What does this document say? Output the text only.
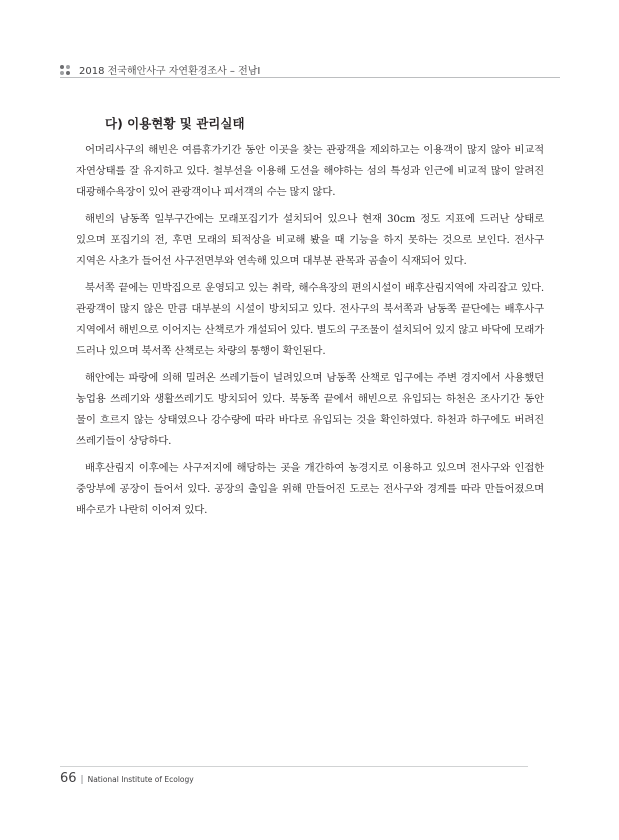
2018 전국해안사구 자연환경조사 – 전남Ⅰ
다) 이용현황 및 관리실태

어머리사구의 해빈은 여름휴가기간 동안 이곳을 찾는 관광객을 제외하고는 이용객이 많지 않아 비교적 자연상태를 잘 유지하고 있다. 철부선을 이용해 도선을 해야하는 섬의 특성과 인근에 비교적 많이 알려진 대광해수욕장이 있어 관광객이나 피서객의 수는 많지 않다.

해빈의 남동쪽 일부구간에는 모래포집기가 설치되어 있으나 현재 30cm 정도 지표에 드러난 상태로 있으며 포집기의 전, 후면 모래의 퇴적상을 비교해 봤을 때 기능을 하지 못하는 것으로 보인다. 전사구 지역은 사초가 들어선 사구전면부와 연속해 있으며 대부분 관목과 곰솔이 식재되어 있다.

북서쪽 끝에는 민박집으로 운영되고 있는 취락, 해수욕장의 편의시설이 배후산림지역에 자리잡고 있다. 관광객이 많지 않은 만큼 대부분의 시설이 방치되고 있다. 전사구의 북서쪽과 남동쪽 끝단에는 배후사구 지역에서 해빈으로 이어지는 산책로가 개설되어 있다. 별도의 구조물이 설치되어 있지 않고 바닥에 모래가 드러나 있으며 북서쪽 산책로는 차량의 통행이 확인된다.

해안에는 파랑에 의해 밀려온 쓰레기들이 널려있으며 남동쪽 산책로 입구에는 주변 경지에서 사용했던 농업용 쓰레기와 생활쓰레기도 방치되어 있다. 북동쪽 끝에서 해빈으로 유입되는 하천은 조사기간 동안 물이 흐르지 않는 상태였으나 강수량에 따라 바다로 유입되는 것을 확인하였다. 하천과 하구에도 버려진 쓰레기들이 상당하다.

배후산림지 이후에는 사구저지에 해당하는 곳을 개간하여 농경지로 이용하고 있으며 전사구와 인접한 중앙부에 공장이 들어서 있다. 공장의 출입을 위해 만들어진 도로는 전사구와 경계를 따라 만들어졌으며 배수로가 나란히 이어져 있다.

66 | National Institute of Ecology
